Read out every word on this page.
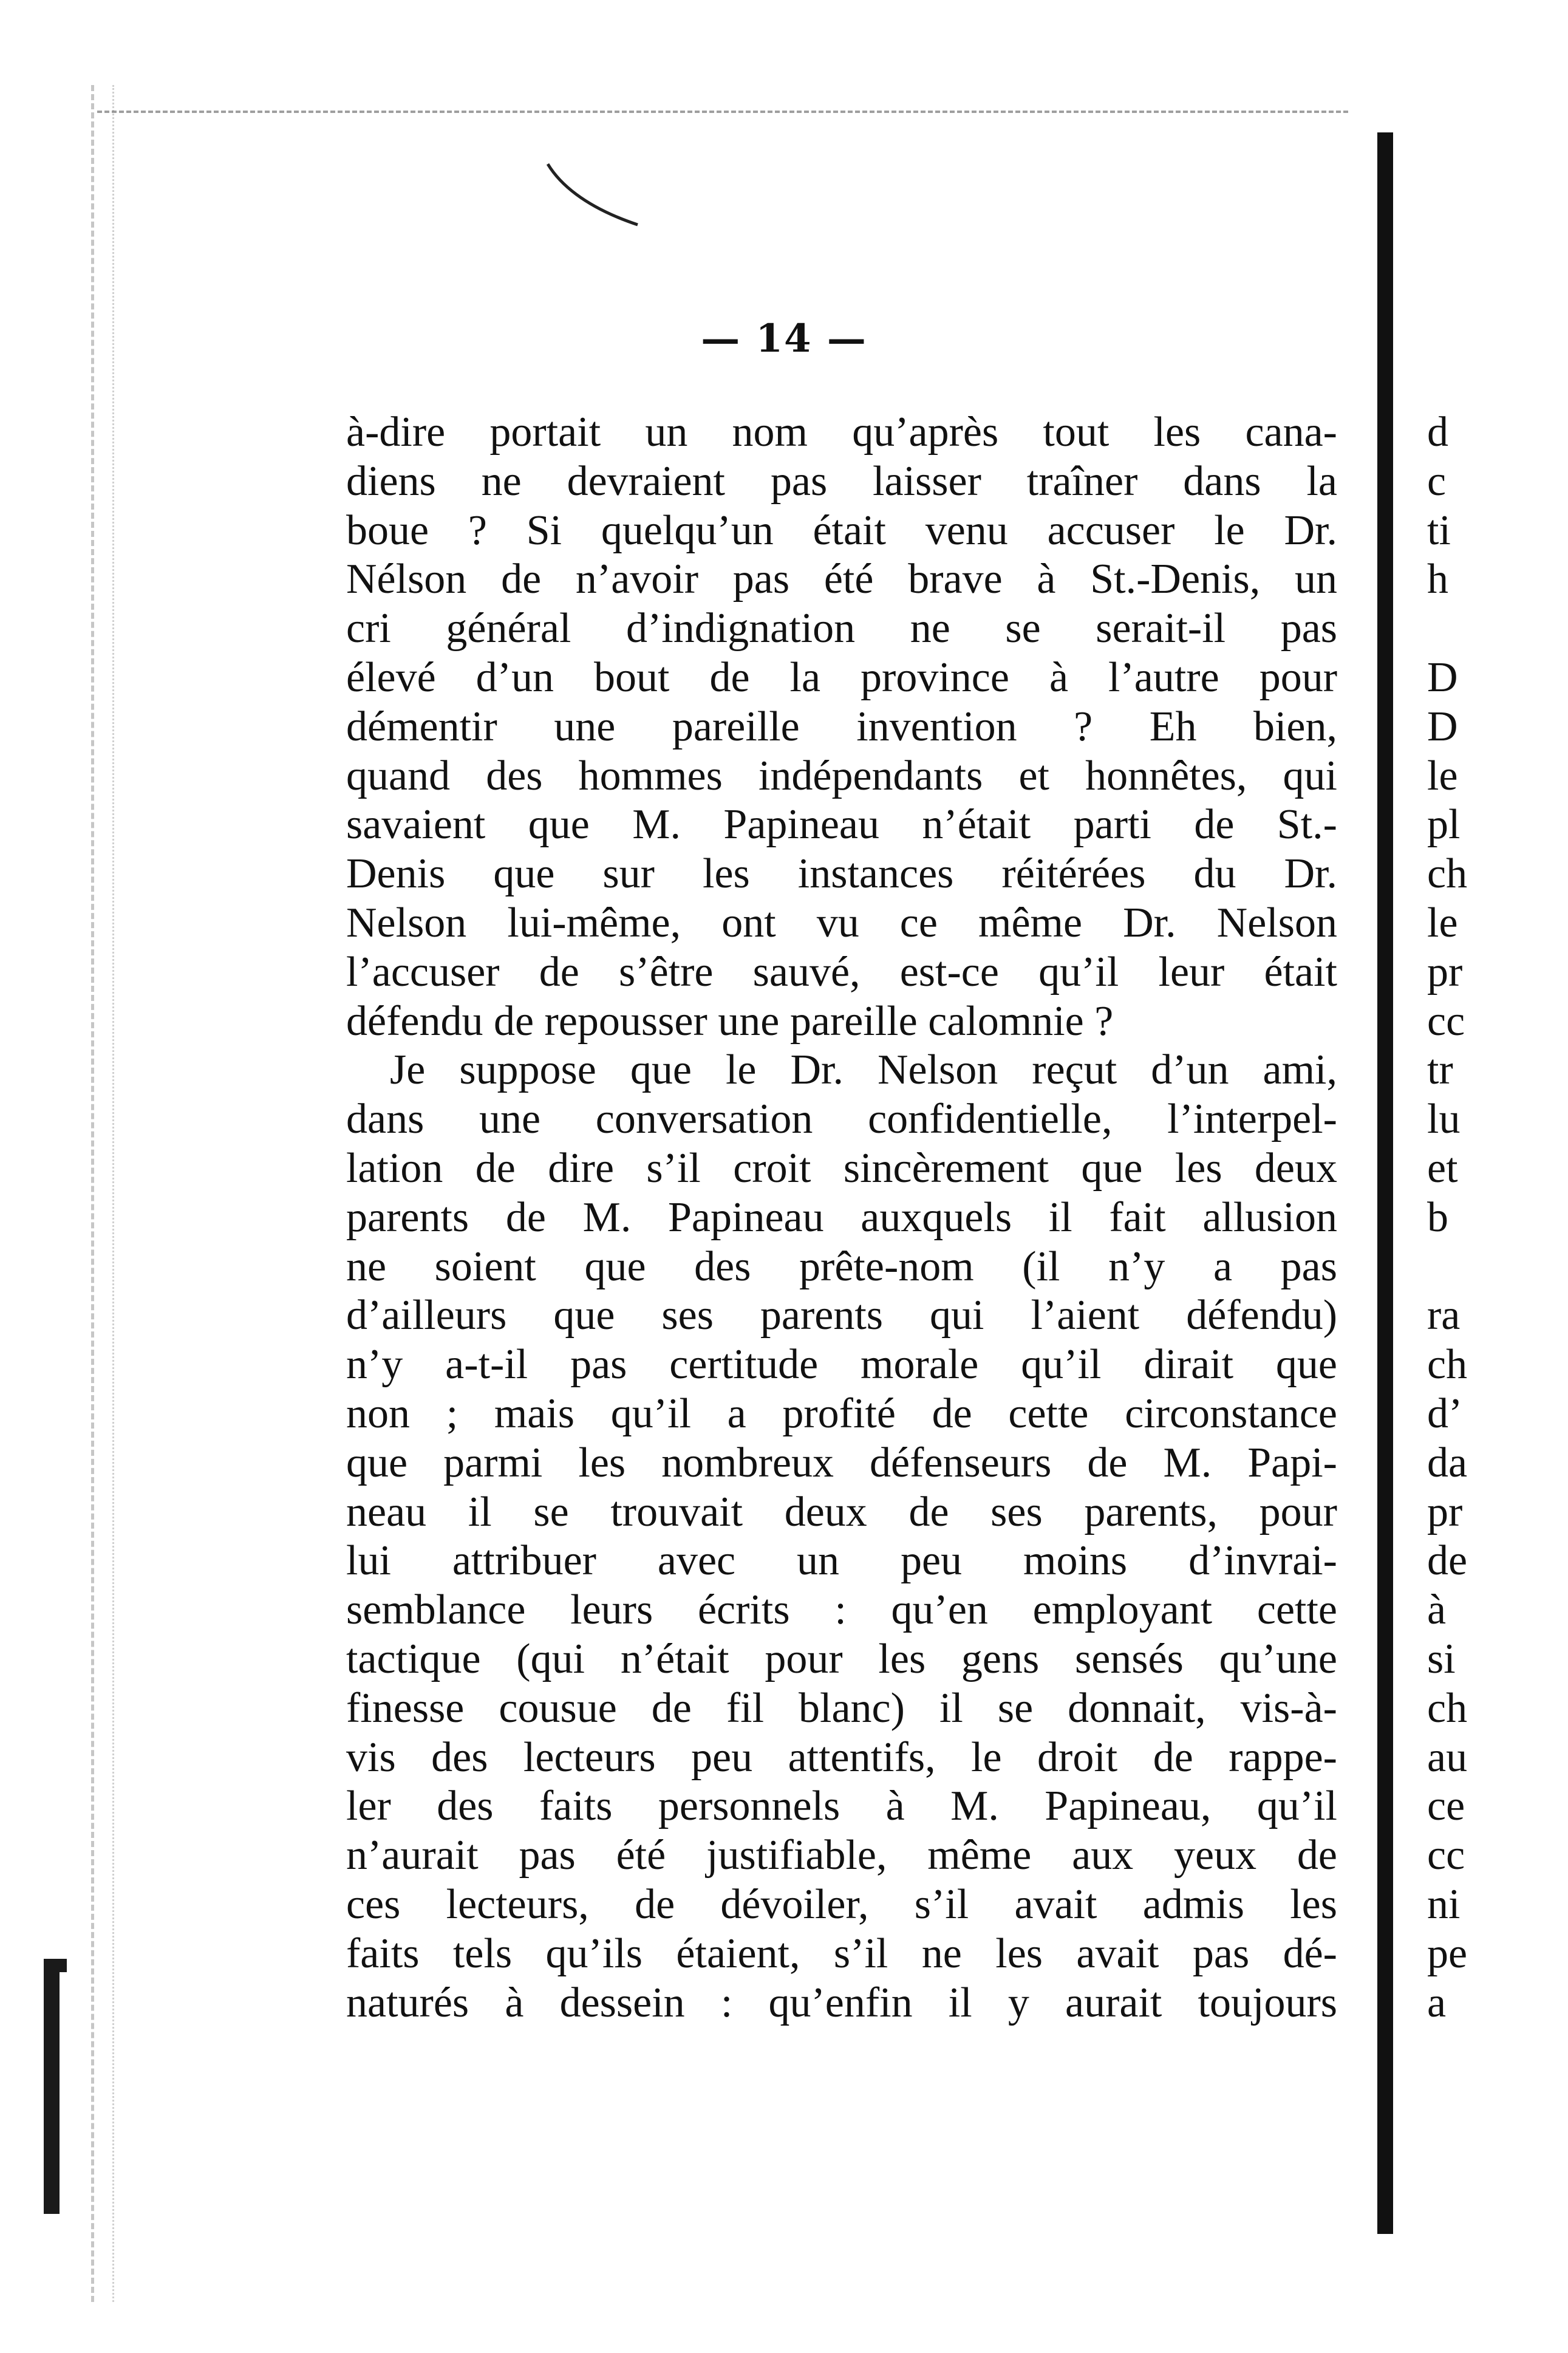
— 14 —
à-dire portait un nom qu’après tout les cana-
diens ne devraient pas laisser traîner dans la
boue ? Si quelqu’un était venu accuser le Dr.
Nélson de n’avoir pas été brave à St.-Denis, un
cri général d’indignation ne se serait-il pas
élevé d’un bout de la province à l’autre pour
démentir une pareille invention ? Eh bien,
quand des hommes indépendants et honnêtes, qui
savaient que M. Papineau n’était parti de St.-
Denis que sur les instances réitérées du Dr.
Nelson lui-même, ont vu ce même Dr. Nelson
l’accuser de s’être sauvé, est-ce qu’il leur était
défendu de repousser une pareille calomnie ?
Je suppose que le Dr. Nelson reçut d’un ami,
dans une conversation confidentielle, l’interpel-
lation de dire s’il croit sincèrement que les deux
parents de M. Papineau auxquels il fait allusion
ne soient que des prête-nom (il n’y a pas
d’ailleurs que ses parents qui l’aient défendu)
n’y a-t-il pas certitude morale qu’il dirait que
non ; mais qu’il a profité de cette circonstance
que parmi les nombreux défenseurs de M. Papi-
neau il se trouvait deux de ses parents, pour
lui attribuer avec un peu moins d’invrai-
semblance leurs écrits : qu’en employant cette
tactique (qui n’était pour les gens sensés qu’une
finesse cousue de fil blanc) il se donnait, vis-à-
vis des lecteurs peu attentifs, le droit de rappe-
ler des faits personnels à M. Papineau, qu’il
n’aurait pas été justifiable, même aux yeux de
ces lecteurs, de dévoiler, s’il avait admis les
faits tels qu’ils étaient, s’il ne les avait pas dé-
naturés à dessein : qu’enfin il y aurait toujours
d
c
ti
h
D
D
le
pl
ch
le
pr
cc
tr
lu
et
b
ra
ch
d’
da
pr
de
à
si
ch
au
ce
cc
ni
pe
a
